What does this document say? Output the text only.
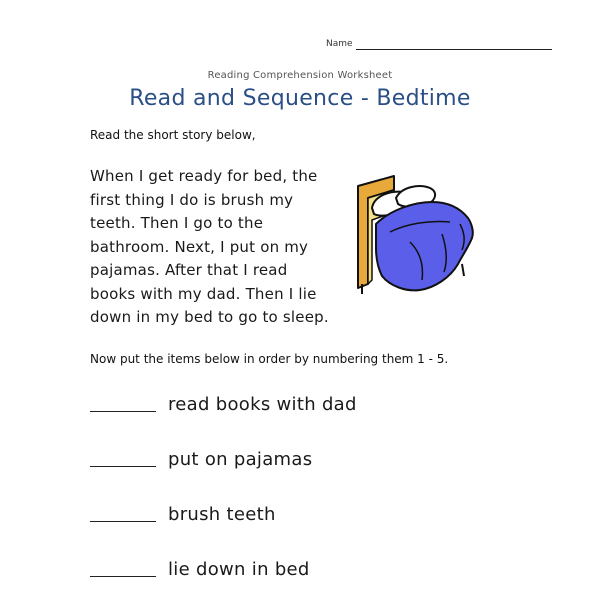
Name
Reading Comprehension Worksheet
Read and Sequence - Bedtime
Read the short story below,
When I get ready for bed, the
first thing I do is brush my
teeth. Then I go to the
bathroom. Next, I put on my
pajamas. After that I read
books with my dad. Then I lie
down in my bed to go to sleep.
Now put the items below in order by numbering them 1 - 5.
read books with dad
put on pajamas
brush teeth
lie down in bed
